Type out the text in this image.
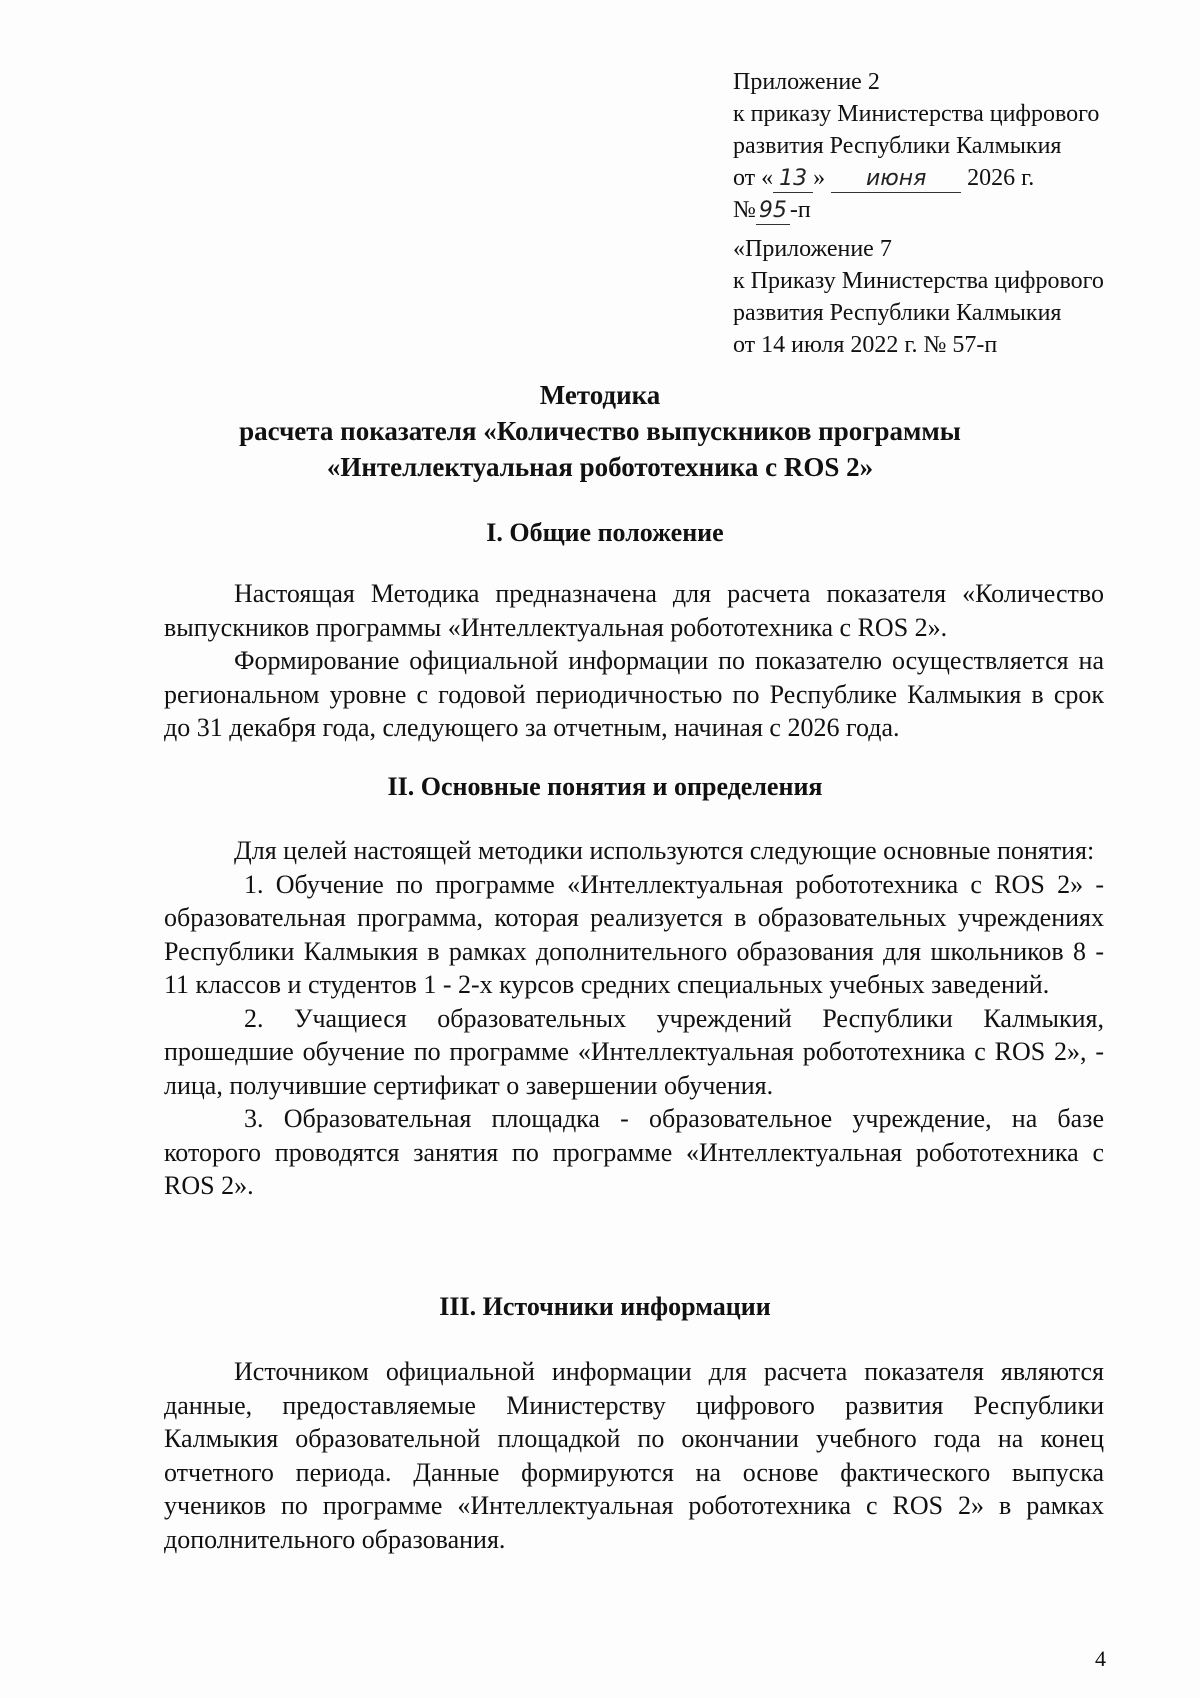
Приложение 2
к приказу Министерства цифрового
развития Республики Калмыкия
от « 13 » июня 2026 г.
№ 95 -п
«Приложение 7
к Приказу Министерства цифрового
развития Республики Калмыкия
от 14 июля 2022 г. № 57-п
Методика
расчета показателя «Количество выпускников программы
«Интеллектуальная робототехника с ROS 2»
I. Общие положение

Настоящая Методика предназначена для расчета показателя «Количество выпускников программы «Интеллектуальная робототехника с ROS 2».

Формирование официальной информации по показателю осуществляется на региональном уровне с годовой периодичностью по Республике Калмыкия в срок до 31 декабря года, следующего за отчетным, начиная с 2026 года.

II. Основные понятия и определения

Для целей настоящей методики используются следующие основные понятия:

1. Обучение по программе «Интеллектуальная робототехника с ROS 2» - образовательная программа, которая реализуется в образовательных учреждениях Республики Калмыкия в рамках дополнительного образования для школьников 8 - 11 классов и студентов 1 - 2-х курсов средних специальных учебных заведений.

2. Учащиеся образовательных учреждений Республики Калмыкия, прошедшие обучение по программе «Интеллектуальная робототехника с ROS 2», - лица, получившие сертификат о завершении обучения.

3. Образовательная площадка - образовательное учреждение, на базе которого проводятся занятия по программе «Интеллектуальная робототехника с ROS 2».

III. Источники информации

Источником официальной информации для расчета показателя являются данные, предоставляемые Министерству цифрового развития Республики Калмыкия образовательной площадкой по окончании учебного года на конец отчетного периода. Данные формируются на основе фактического выпуска учеников по программе «Интеллектуальная робототехника с ROS 2» в рамках дополнительного образования.

4
